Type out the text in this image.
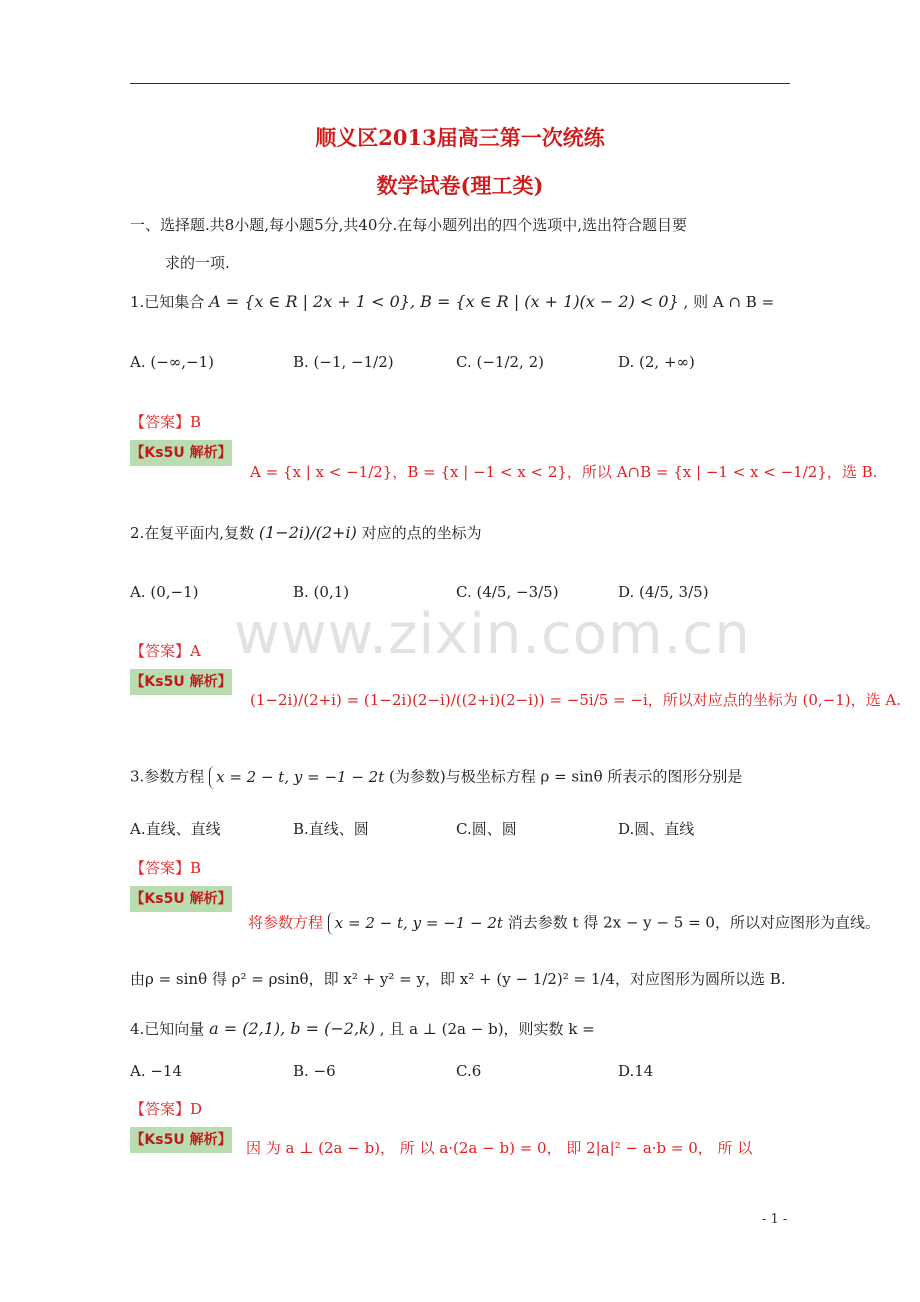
顺义区2013届高三第一次统练
数学试卷(理工类)
一、选择题.共8小题,每小题5分,共40分.在每小题列出的四个选项中,选出符合题目要
求的一项.
www.zixin.com.cn
1.已知集合 A = {x ∈ R | 2x + 1 < 0}, B = {x ∈ R | (x + 1)(x − 2) < 0} , 则 A ∩ B =
A. (−∞,−1)	B. (−1, −1/2)	C. (−1/2, 2)	D. (2, +∞)
【答案】B
【Ks5U 解析】
A = {x | x < −1/2}，B = {x | −1 < x < 2}，所以 A∩B = {x | −1 < x < −1/2}，选 B.
2.在复平面内,复数 (1−2i)/(2+i) 对应的点的坐标为
A. (0,−1)	B. (0,1)	C. (4/5, −3/5)	D. (4/5, 3/5)
【答案】A
【Ks5U 解析】
(1−2i)/(2+i) = (1−2i)(2−i)/((2+i)(2−i)) = −5i/5 = −i，所以对应点的坐标为 (0,−1)，选 A.
3.参数方程 x = 2 − t, y = −1 − 2t (为参数)与极坐标方程 ρ = sinθ 所表示的图形分别是
A.直线、直线	B.直线、圆	C.圆、圆	D.圆、直线
【答案】B
【Ks5U 解析】
将参数方程 x = 2 − t, y = −1 − 2t 消去参数 t 得 2x − y − 5 = 0，所以对应图形为直线。
由ρ = sinθ 得 ρ² = ρsinθ，即 x² + y² = y，即 x² + (y − 1/2)² = 1/4，对应图形为圆所以选 B.
4.已知向量 a = (2,1), b = (−2,k) , 且 a ⊥ (2a − b)，则实数 k =
A. −14	B. −6	C.6	D.14
【答案】D
【Ks5U 解析】 因 为 a ⊥ (2a − b)， 所 以 a·(2a − b) = 0， 即 2|a|² − a·b = 0， 所 以
- 1 -
